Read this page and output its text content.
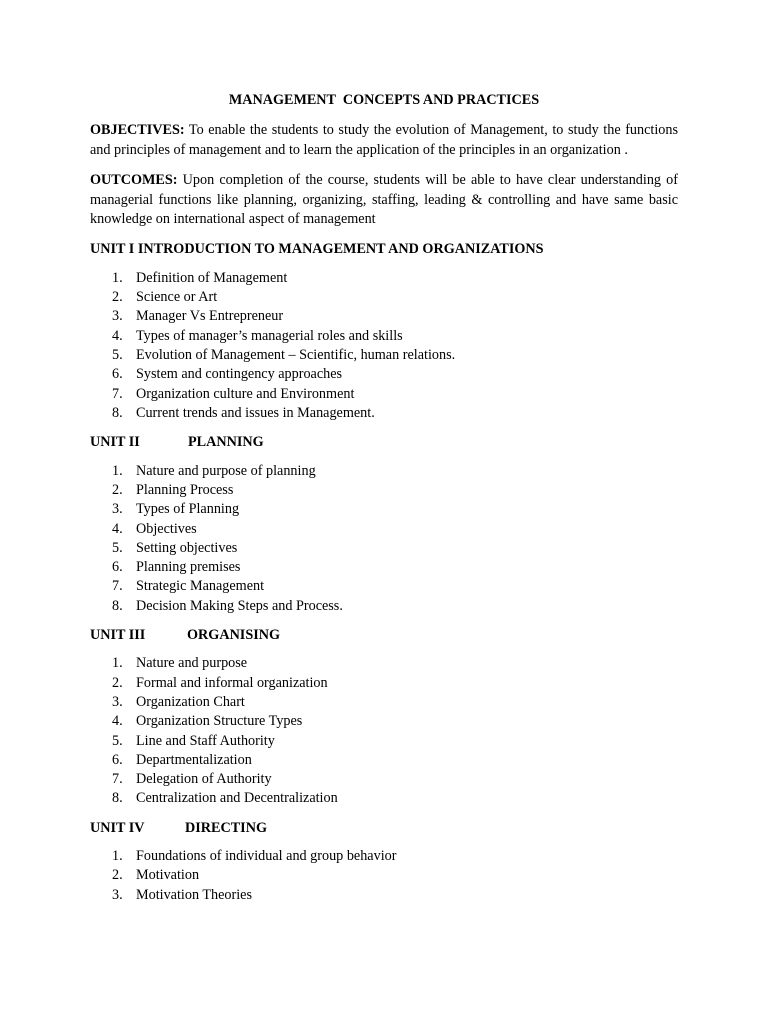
MANAGEMENT  CONCEPTS AND PRACTICES

OBJECTIVES: To enable the students to study the evolution of Management, to study the functions and principles of management and to learn the application of the principles in an organization .

OUTCOMES: Upon completion of the course, students will be able to have clear understanding of managerial functions like planning, organizing, staffing, leading & controlling and have same basic knowledge on international aspect of management

UNIT I INTRODUCTION TO MANAGEMENT AND ORGANIZATIONS
1. Definition of Management
2. Science or Art
3. Manager Vs Entrepreneur
4. Types of manager’s managerial roles and skills
5. Evolution of Management – Scientific, human relations.
6. System and contingency approaches
7. Organization culture and Environment
8. Current trends and issues in Management.
UNIT II	PLANNING
1. Nature and purpose of planning
2. Planning Process
3. Types of Planning
4. Objectives
5. Setting objectives
6. Planning premises
7. Strategic Management
8. Decision Making Steps and Process.
UNIT III	ORGANISING
1. Nature and purpose
2. Formal and informal organization
3. Organization Chart
4. Organization Structure Types
5. Line and Staff Authority
6. Departmentalization
7. Delegation of Authority
8. Centralization and Decentralization
UNIT IV	DIRECTING
1. Foundations of individual and group behavior
2. Motivation
3. Motivation Theories
